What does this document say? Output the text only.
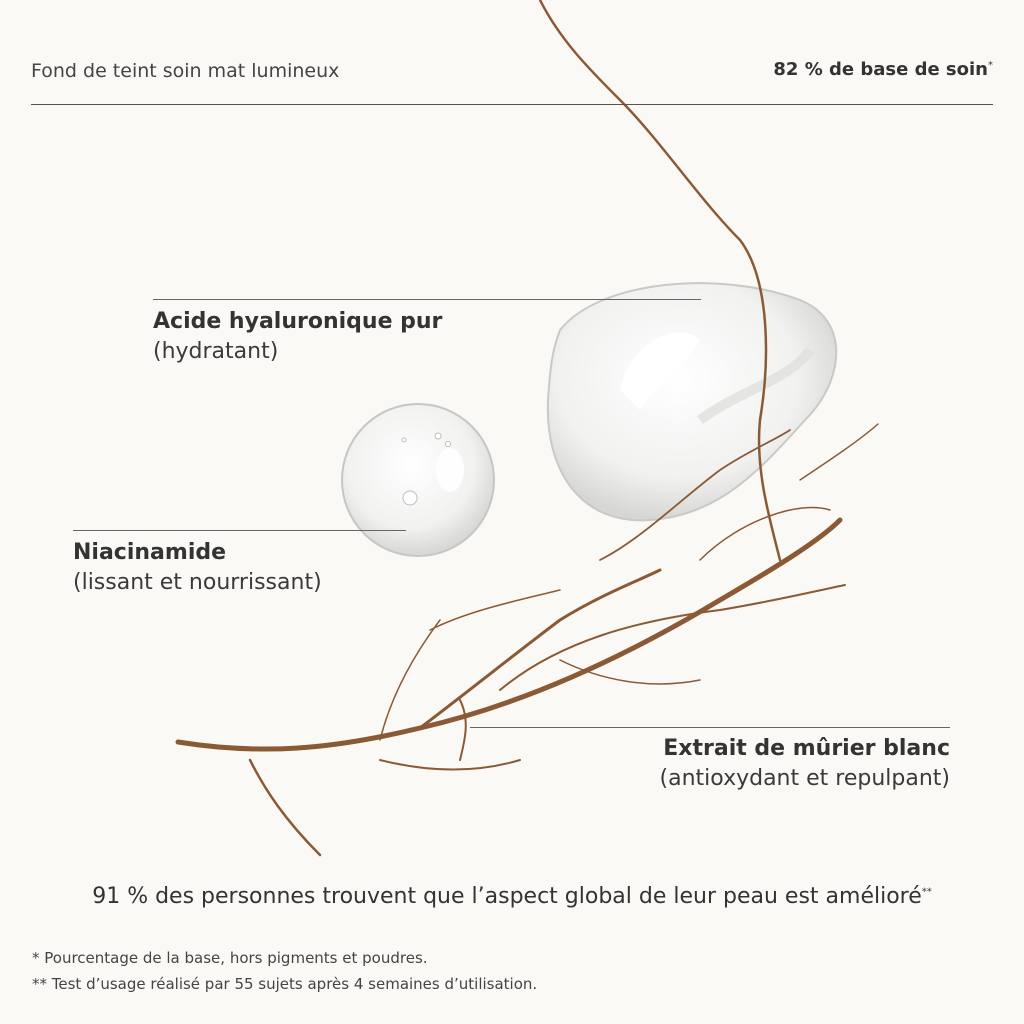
Fond de teint soin mat lumineux	82 % de base de soin*
Acide hyaluronique pur
(hydratant)
Niacinamide
(lissant et nourrissant)
Extrait de mûrier blanc
(antioxydant et repulpant)
91 % des personnes trouvent que l’aspect global de leur peau est amélioré**
* Pourcentage de la base, hors pigments et poudres.
** Test d’usage réalisé par 55 sujets après 4 semaines d’utilisation.
